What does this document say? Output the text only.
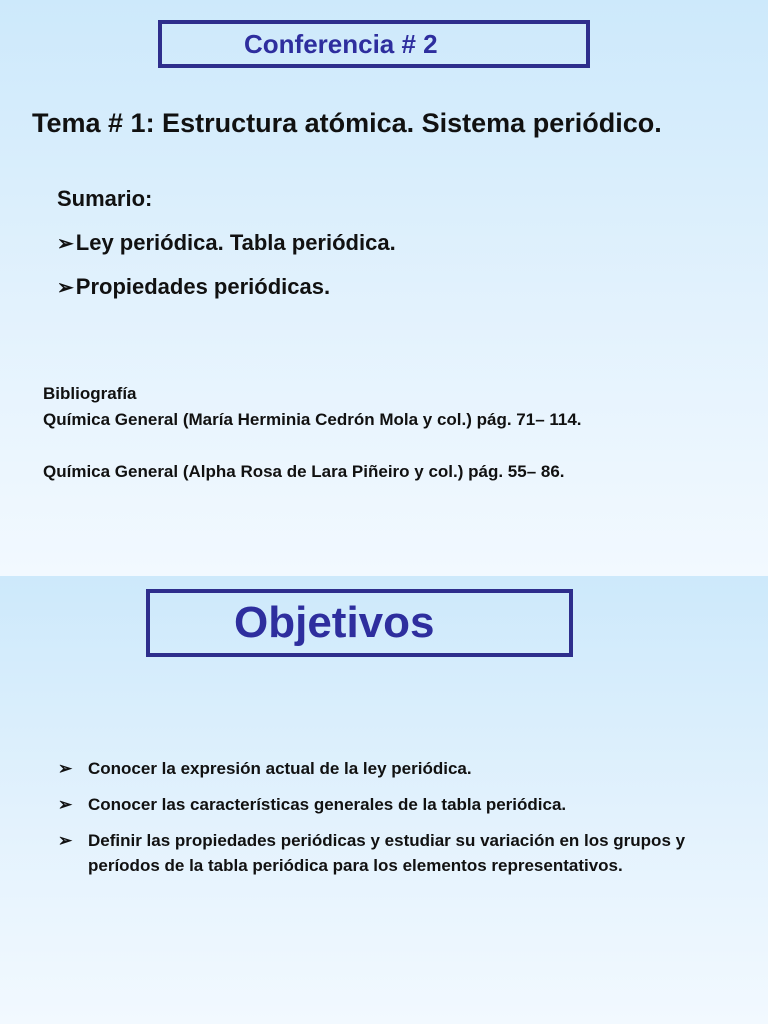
Conferencia # 2
Tema # 1: Estructura atómica. Sistema periódico.
Sumario:
➢Ley periódica. Tabla periódica.
➢Propiedades periódicas.
Bibliografía
Química General (María Herminia Cedrón Mola y col.) pág. 71– 114.
Química General (Alpha Rosa de Lara Piñeiro y col.) pág. 55– 86.
Objetivos
➢ Conocer la expresión actual de la ley periódica.
➢ Conocer las características generales de la tabla periódica.
➢ Definir las propiedades periódicas y estudiar su variación en los grupos y períodos de la tabla periódica para los elementos representativos.
